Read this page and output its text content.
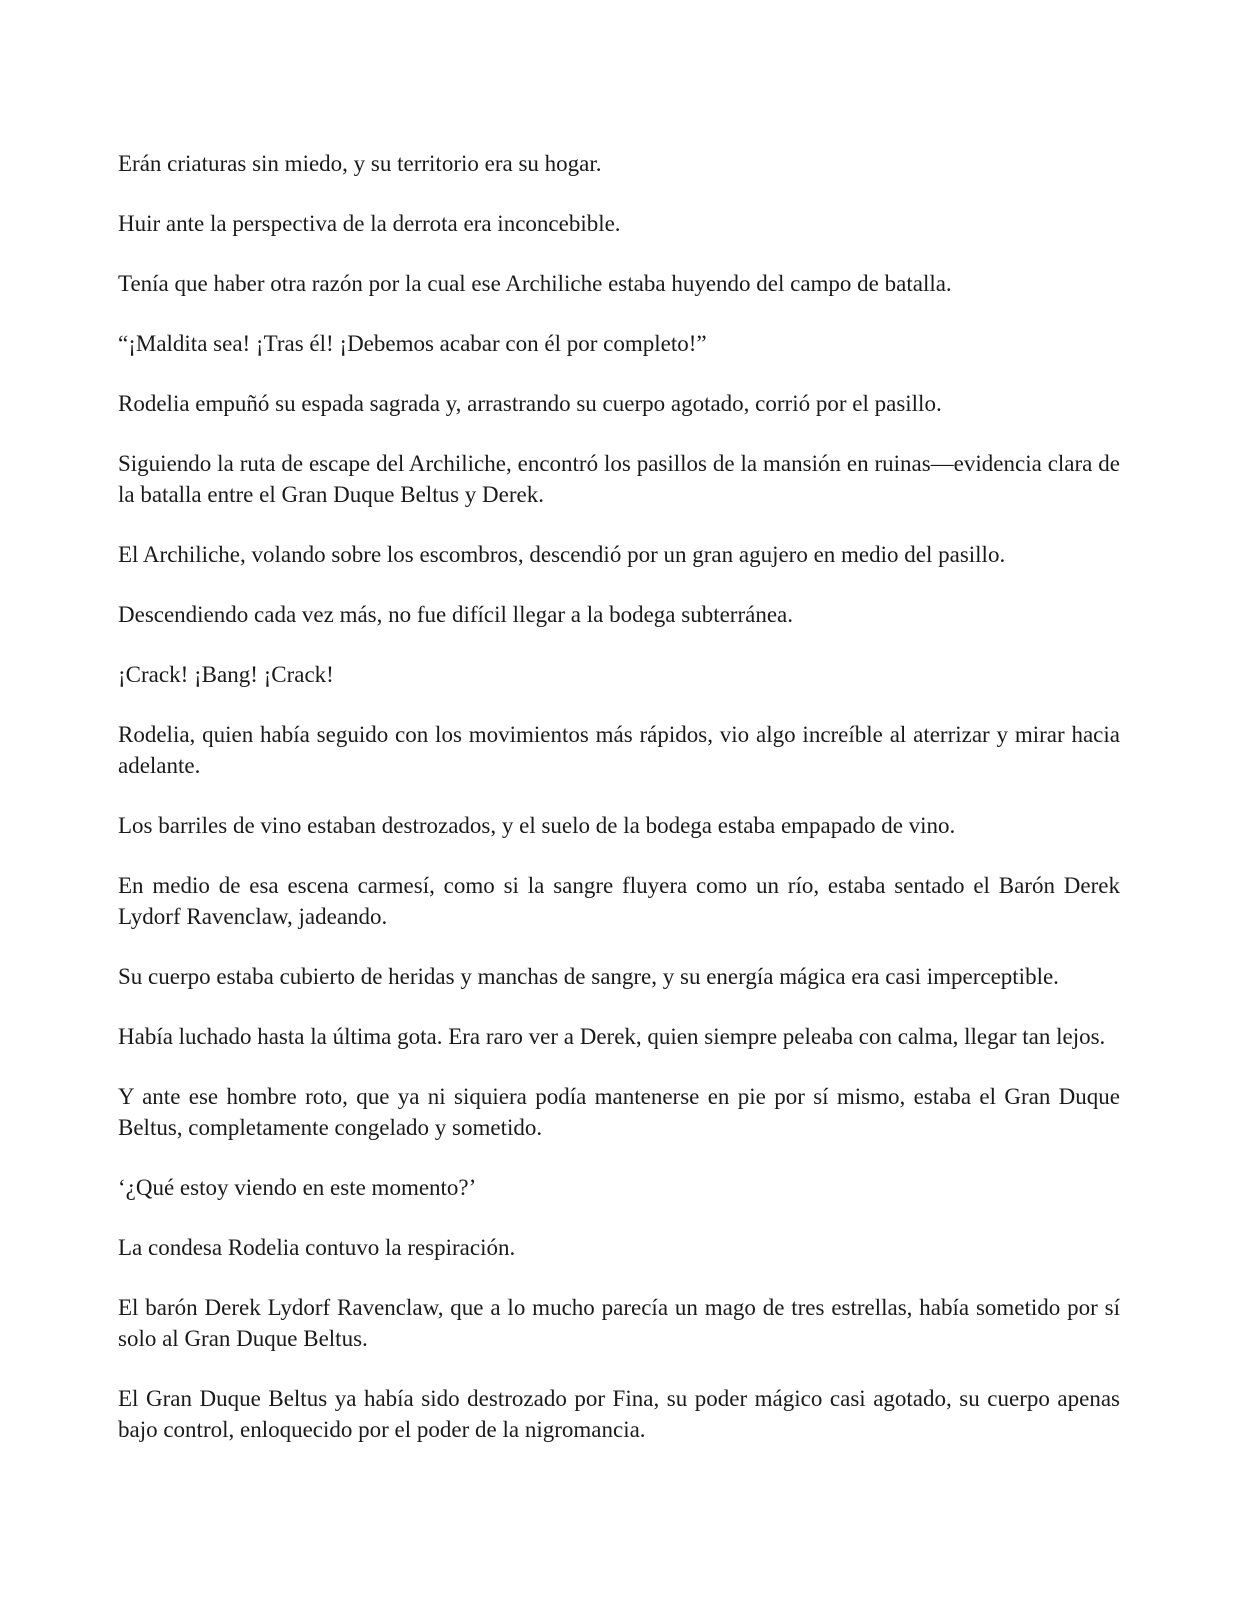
Erán criaturas sin miedo, y su territorio era su hogar.

Huir ante la perspectiva de la derrota era inconcebible.

Tenía que haber otra razón por la cual ese Archiliche estaba huyendo del campo de batalla.

“¡Maldita sea! ¡Tras él! ¡Debemos acabar con él por completo!”

Rodelia empuñó su espada sagrada y, arrastrando su cuerpo agotado, corrió por el pasillo.

Siguiendo la ruta de escape del Archiliche, encontró los pasillos de la mansión en ruinas—evidencia clara de la batalla entre el Gran Duque Beltus y Derek.

El Archiliche, volando sobre los escombros, descendió por un gran agujero en medio del pasillo.

Descendiendo cada vez más, no fue difícil llegar a la bodega subterránea.

¡Crack! ¡Bang! ¡Crack!

Rodelia, quien había seguido con los movimientos más rápidos, vio algo increíble al aterrizar y mirar hacia adelante.

Los barriles de vino estaban destrozados, y el suelo de la bodega estaba empapado de vino.

En medio de esa escena carmesí, como si la sangre fluyera como un río, estaba sentado el Barón Derek Lydorf Ravenclaw, jadeando.

Su cuerpo estaba cubierto de heridas y manchas de sangre, y su energía mágica era casi imperceptible.

Había luchado hasta la última gota. Era raro ver a Derek, quien siempre peleaba con calma, llegar tan lejos.

Y ante ese hombre roto, que ya ni siquiera podía mantenerse en pie por sí mismo, estaba el Gran Duque Beltus, completamente congelado y sometido.

‘¿Qué estoy viendo en este momento?’

La condesa Rodelia contuvo la respiración.

El barón Derek Lydorf Ravenclaw, que a lo mucho parecía un mago de tres estrellas, había sometido por sí solo al Gran Duque Beltus.

El Gran Duque Beltus ya había sido destrozado por Fina, su poder mágico casi agotado, su cuerpo apenas bajo control, enloquecido por el poder de la nigromancia.
